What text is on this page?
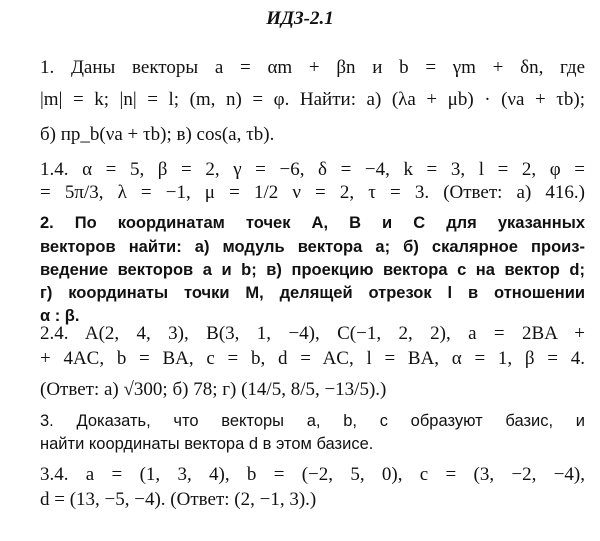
ИДЗ-2.1
1. Даны векторы a = αm + βn и b = γm + δn, где
|m| = k; |n| = l; (m, n) = φ. Найти: а) (λa + μb) · (νa + τb);
б) пр_b(νa + τb); в) cos(a, τb).
1.4. α = 5, β = 2, γ = −6, δ = −4, k = 3, l = 2, φ =
= 5π/3, λ = −1, μ = 1/2 ν = 2, τ = 3. (Ответ: а) 416.)
2. По координатам точек A, B и C для указанных
векторов найти: а) модуль вектора a; б) скалярное произ-
ведение векторов a и b; в) проекцию вектора c на вектор d;
г) координаты точки M, делящей отрезок l в отношении
α : β.
2.4. A(2, 4, 3), B(3, 1, −4), C(−1, 2, 2), a = 2BA +
+ 4AC, b = BA, c = b, d = AC, l = BA, α = 1, β = 4.
(Ответ: а) √300; б) 78; г) (14/5, 8/5, −13/5).)
3. Доказать, что векторы a, b, c образуют базис, и
найти координаты вектора d в этом базисе.
3.4. a = (1, 3, 4), b = (−2, 5, 0), c = (3, −2, −4),
d = (13, −5, −4). (Ответ: (2, −1, 3).)
